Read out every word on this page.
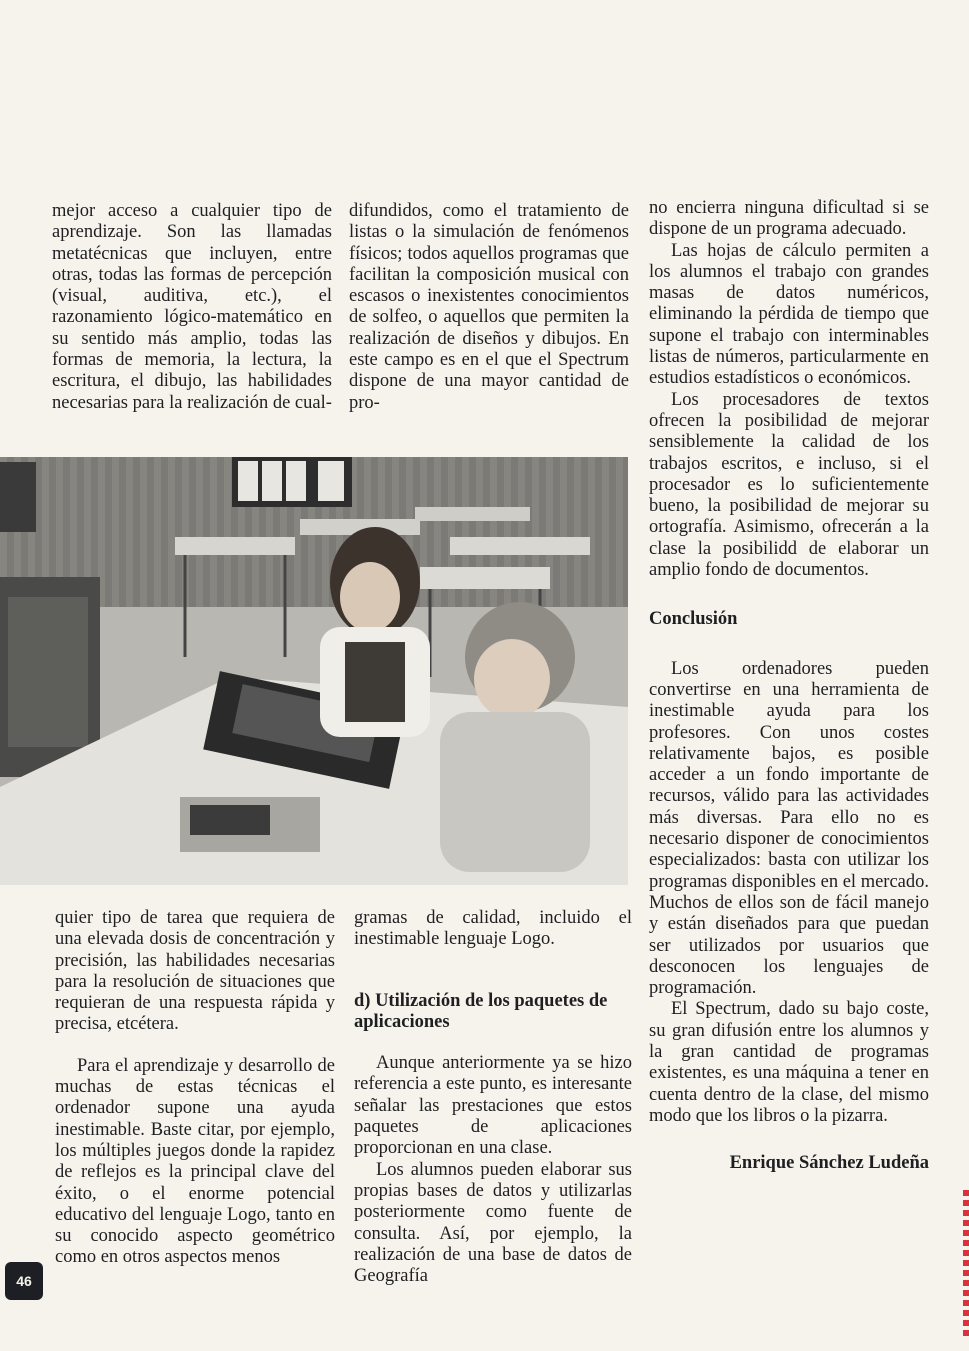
mejor acceso a cualquier tipo de aprendizaje. Son las llamadas metatécnicas que incluyen, entre otras, todas las formas de percepción (visual, auditiva, etc.), el razonamiento lógico-matemático en su sentido más amplio, todas las formas de memoria, la lectura, la escritura, el dibujo, las habilidades necesarias para la realización de cual-

difundidos, como el tratamiento de listas o la simulación de fenómenos físicos; todos aquellos programas que facilitan la composición musical con escasos o inexistentes conocimientos de solfeo, o aquellos que permiten la realización de diseños y dibujos. En este campo es en el que el Spectrum dispone de una mayor cantidad de pro-

no encierra ninguna dificultad si se dispone de un programa adecuado.

Las hojas de cálculo permiten a los alumnos el trabajo con grandes masas de datos numéricos, eliminando la pérdida de tiempo que supone el trabajo con interminables listas de números, particularmente en estudios estadísticos o económicos.

Los procesadores de textos ofrecen la posibilidad de mejorar sensiblemente la calidad de los trabajos escritos, e incluso, si el procesador es lo suficientemente bueno, la posibilidad de mejorar su ortografía. Asimismo, ofrecerán a la clase la posibilidd de elaborar un amplio fondo de documentos.

Conclusión

Los ordenadores pueden convertirse en una herramienta de inestimable ayuda para los profesores. Con unos costes relativamente bajos, es posible acceder a un fondo importante de recursos, válido para las actividades más diversas. Para ello no es necesario disponer de conocimientos especializados: basta con utilizar los programas disponibles en el mercado. Muchos de ellos son de fácil manejo y están diseñados para que puedan ser utilizados por usuarios que desconocen los lenguajes de programación.

El Spectrum, dado su bajo coste, su gran difusión entre los alumnos y la gran cantidad de programas existentes, es una máquina a tener en cuenta dentro de la clase, del mismo modo que los libros o la pizarra.

Enrique Sánchez Ludeña

quier tipo de tarea que requiera de una elevada dosis de concentración y precisión, las habilidades necesarias para la resolución de situaciones que requieran de una respuesta rápida y precisa, etcétera.

Para el aprendizaje y desarrollo de muchas de estas técnicas el ordenador supone una ayuda inestimable. Baste citar, por ejemplo, los múltiples juegos donde la rapidez de reflejos es la principal clave del éxito, o el enorme potencial educativo del lenguaje Logo, tanto en su conocido aspecto geométrico como en otros aspectos menos

gramas de calidad, incluido el inestimable lenguaje Logo.

d) Utilización de los paquetes de aplicaciones

Aunque anteriormente ya se hizo referencia a este punto, es interesante señalar las prestaciones que estos paquetes de aplicaciones proporcionan en una clase.

Los alumnos pueden elaborar sus propias bases de datos y utilizarlas posteriormente como fuente de consulta. Así, por ejemplo, la realización de una base de datos de Geografía

46
